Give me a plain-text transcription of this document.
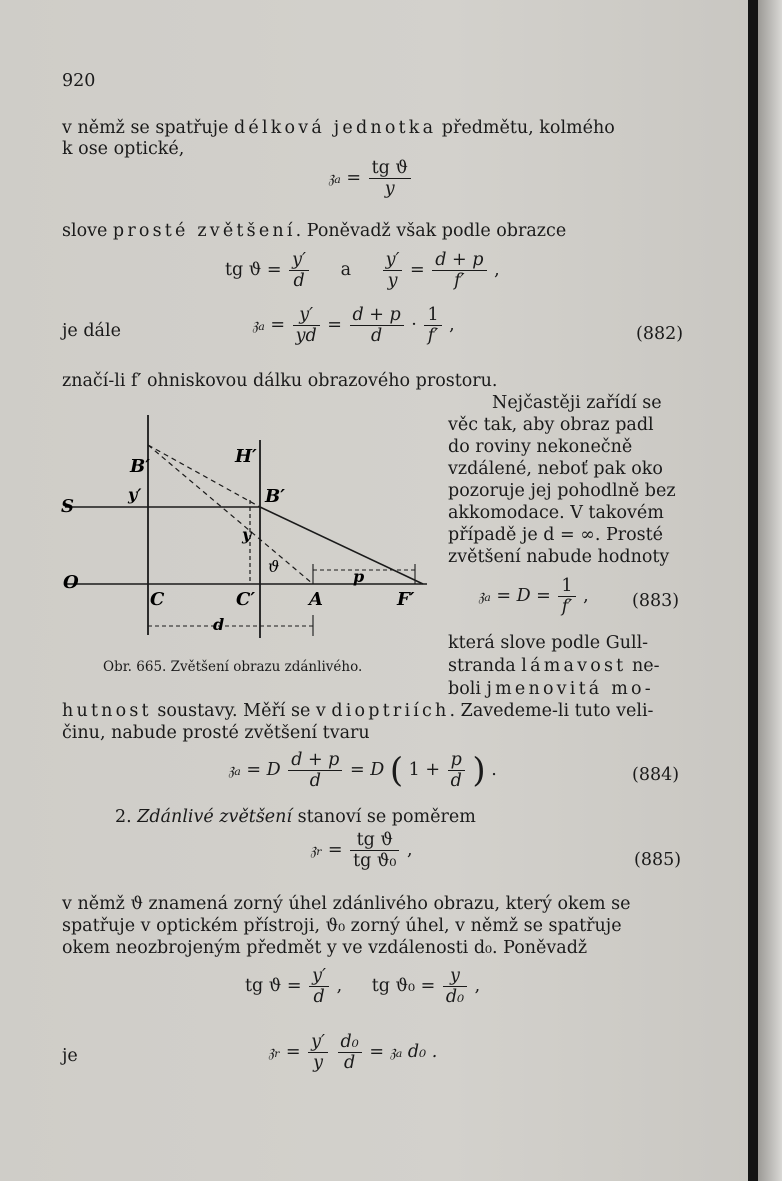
920
v němž se spatřuje délková jednotka předmětu, kolmého
k ose optické,
𝔷ₐ = $\frac{\text{tg ϑ}}{y}$
slove prosté zvětšení. Poněvadž však podle obrazce
tg $ϑ = \frac{y'}{d}$ a $\frac{y'}{y} = \frac{d + p}{f'}$ ,
je dále	𝔷ₐ = $\frac{y'}{yd} = \frac{d + p}{d} \cdot \frac{1}{f'}$ ,	(882)
značí-li f′ ohniskovou dálku obrazového prostoru.
Nejčastěji zařídí se
věc tak, aby obraz padl
do roviny nekonečně
vzdálené, neboť pak oko
pozoruje jej pohodlně bez
akkomodace. V takovém
případě je d = ∞. Prosté
zvětšení nabude hodnoty
𝔷ₐ = $D = \frac{1}{f'}$ , (883)
která slove podle Gull-
stranda lámavost ne-
boli jmenovitá mo-
B′	H′
S
y′	B′
y
ϑ
p
O
C	C′	A	F′
d
Obr. 665. Zvětšení obrazu zdánlivého.
hutnost soustavy. Měří se v dioptriích. Zavedeme-li tuto veli-
činu, nabude prosté zvětšení tvaru
𝔷ₐ = D $\frac{d + p}{d} = D$ ( $1 + \frac{p}{d}$ ) .	(884)
2. Zdánlivé zvětšení stanoví se poměrem
𝔷ᵣ = $\frac{\text{tg ϑ}}{\text{tg ϑ₀}}$ ,	(885)
v němž ϑ znamená zorný úhel zdánlivého obrazu, který okem se
spatřuje v optickém přístroji, ϑ₀ zorný úhel, v němž se spatřuje
okem neozbrojeným předmět y ve vzdálenosti d₀. Poněvadž
tg $ϑ = \frac{y'}{d}$ , tg $ϑ_0 = \frac{y}{\text{d₀}}$ ,
je	𝔷ᵣ = $\frac{y'}{y}$
$\frac{\text{d₀}}{d}$ = 𝔷ₐ d₀ .
